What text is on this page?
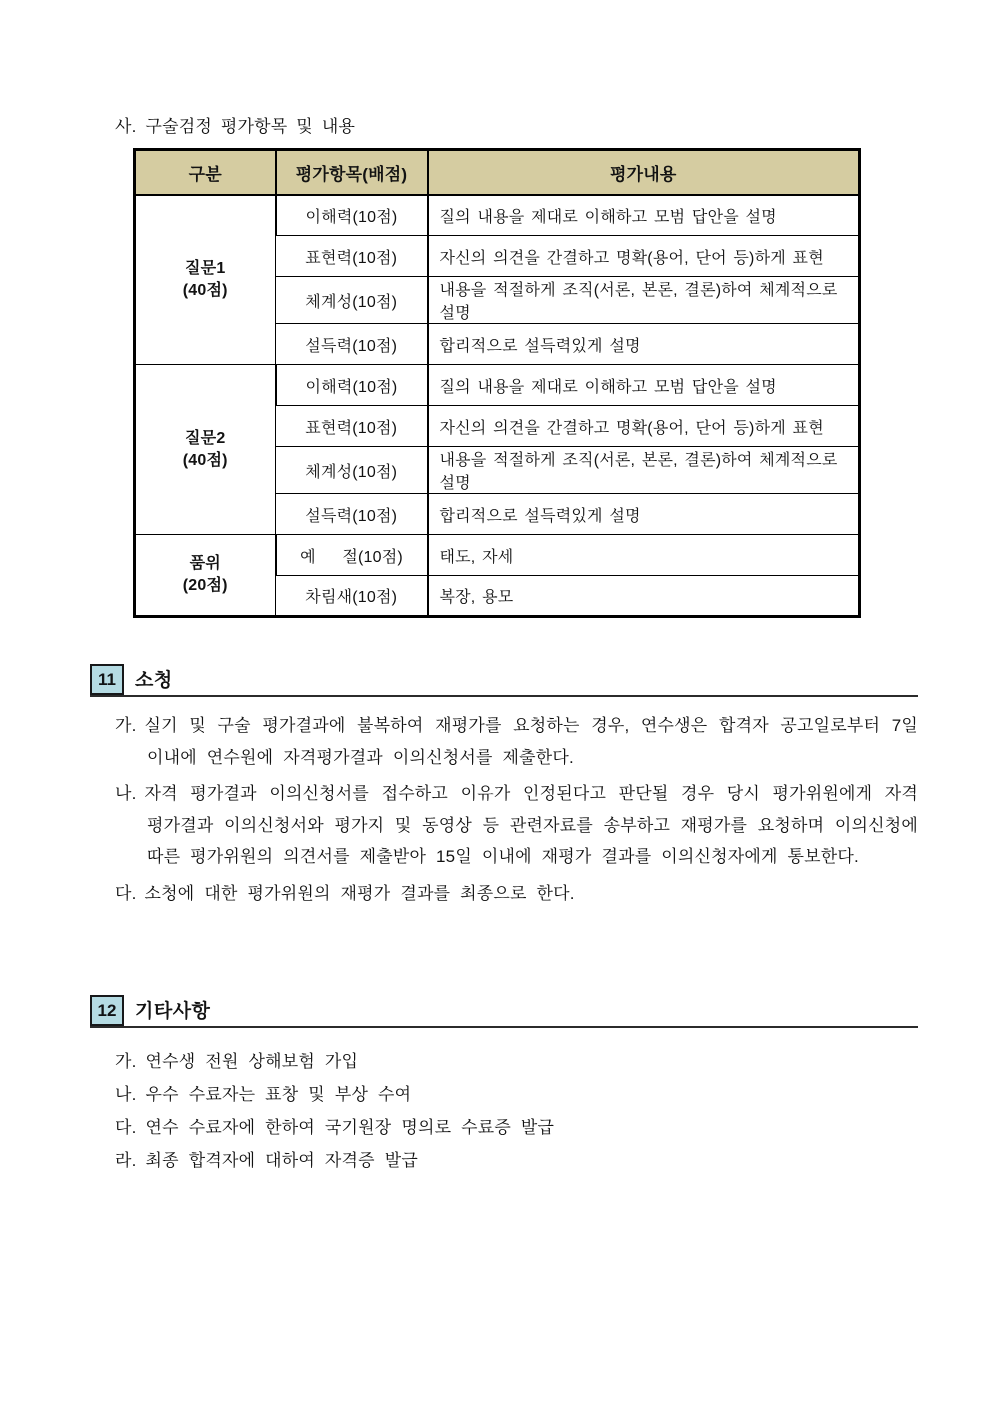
사. 구술검정 평가항목 및 내용
구분	평가항목(배점)	평가내용

질문1
(40점)	이해력(10점)	질의 내용을 제대로 이해하고 모범 답안을 설명
	표현력(10점)	자신의 의견을 간결하고 명확(용어, 단어 등)하게 표현
	체계성(10점)	내용을 적절하게 조직(서론, 본론, 결론)하여 체계적으로 설명
	설득력(10점)	합리적으로 설득력있게 설명

질문2
(40점)	이해력(10점)	질의 내용을 제대로 이해하고 모범 답안을 설명
	표현력(10점)	자신의 의견을 간결하고 명확(용어, 단어 등)하게 표현
	체계성(10점)	내용을 적절하게 조직(서론, 본론, 결론)하여 체계적으로 설명
	설득력(10점)	합리적으로 설득력있게 설명

품위
(20점)	예    절(10점)	태도, 자세
	차림새(10점)	복장, 용모
11	소청
가. 실기 및 구술 평가결과에 불복하여 재평가를 요청하는 경우, 연수생은 합격자 공고일로부터 7일 이내에 연수원에 자격평가결과 이의신청서를 제출한다.
나. 자격 평가결과 이의신청서를 접수하고 이유가 인정된다고 판단될 경우 당시 평가위원에게 자격 평가결과 이의신청서와 평가지 및 동영상 등 관련자료를 송부하고 재평가를 요청하며 이의신청에 따른 평가위원의 의견서를 제출받아 15일 이내에 재평가 결과를 이의신청자에게 통보한다.
다. 소청에 대한 평가위원의 재평가 결과를 최종으로 한다.
12 기타사항
가. 연수생 전원 상해보험 가입
나. 우수 수료자는 표창 및 부상 수여
다. 연수 수료자에 한하여 국기원장 명의로 수료증 발급
라. 최종 합격자에 대하여 자격증 발급
